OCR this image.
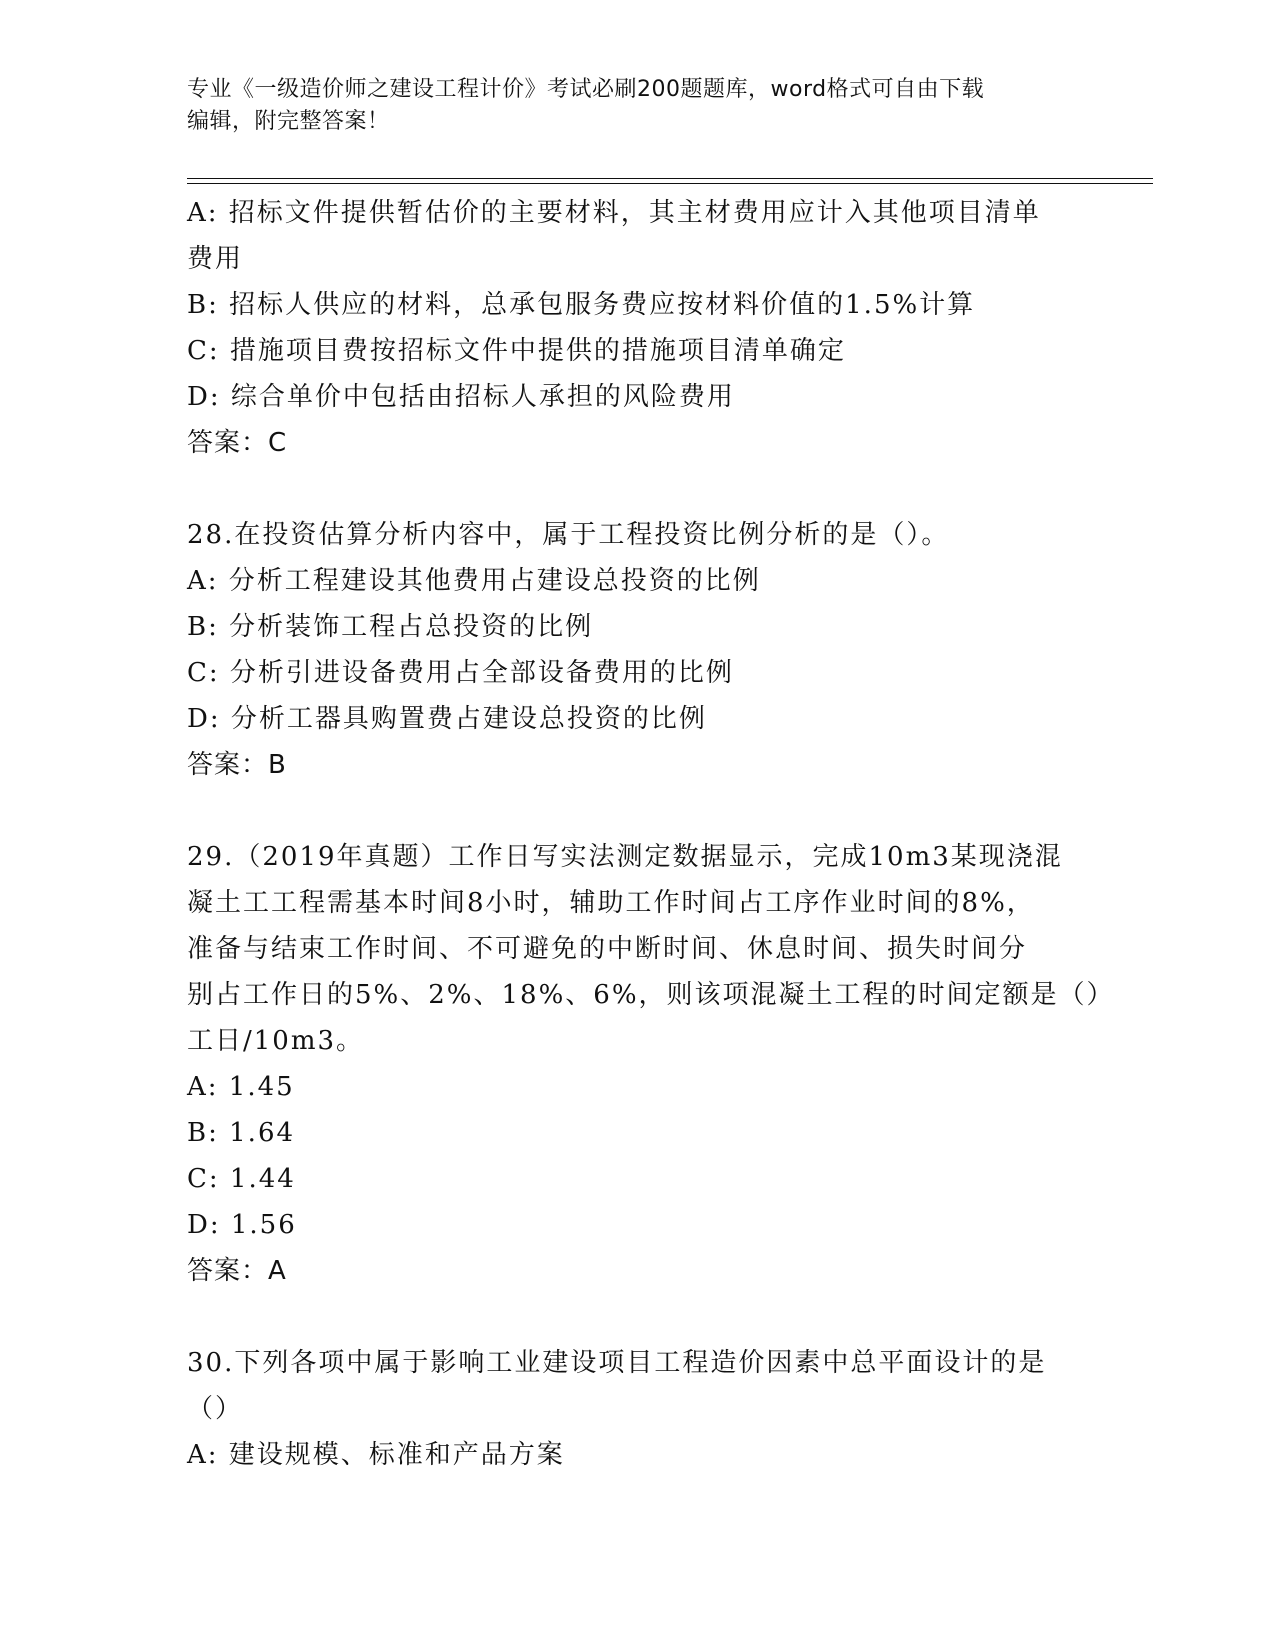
专业《一级造价师之建设工程计价》考试必刷200题题库，word格式可自由下载
编辑，附完整答案！
A: 招标文件提供暂估价的主要材料，其主材费用应计入其他项目清单
费用
B: 招标人供应的材料，总承包服务费应按材料价值的1.5%计算
C: 措施项目费按招标文件中提供的措施项目清单确定
D: 综合单价中包括由招标人承担的风险费用
答案：C
28.在投资估算分析内容中，属于工程投资比例分析的是（）。
A: 分析工程建设其他费用占建设总投资的比例
B: 分析装饰工程占总投资的比例
C: 分析引进设备费用占全部设备费用的比例
D: 分析工器具购置费占建设总投资的比例
答案：B
29.（2019年真题）工作日写实法测定数据显示，完成10m3某现浇混
凝土工工程需基本时间8小时，辅助工作时间占工序作业时间的8%，
准备与结束工作时间、不可避免的中断时间、休息时间、损失时间分
别占工作日的5%、2%、18%、6%，则该项混凝土工程的时间定额是（）
工日/10m3。
A: 1.45
B: 1.64
C: 1.44
D: 1.56
答案：A
30.下列各项中属于影响工业建设项目工程造价因素中总平面设计的是
（）
A: 建设规模、标准和产品方案
